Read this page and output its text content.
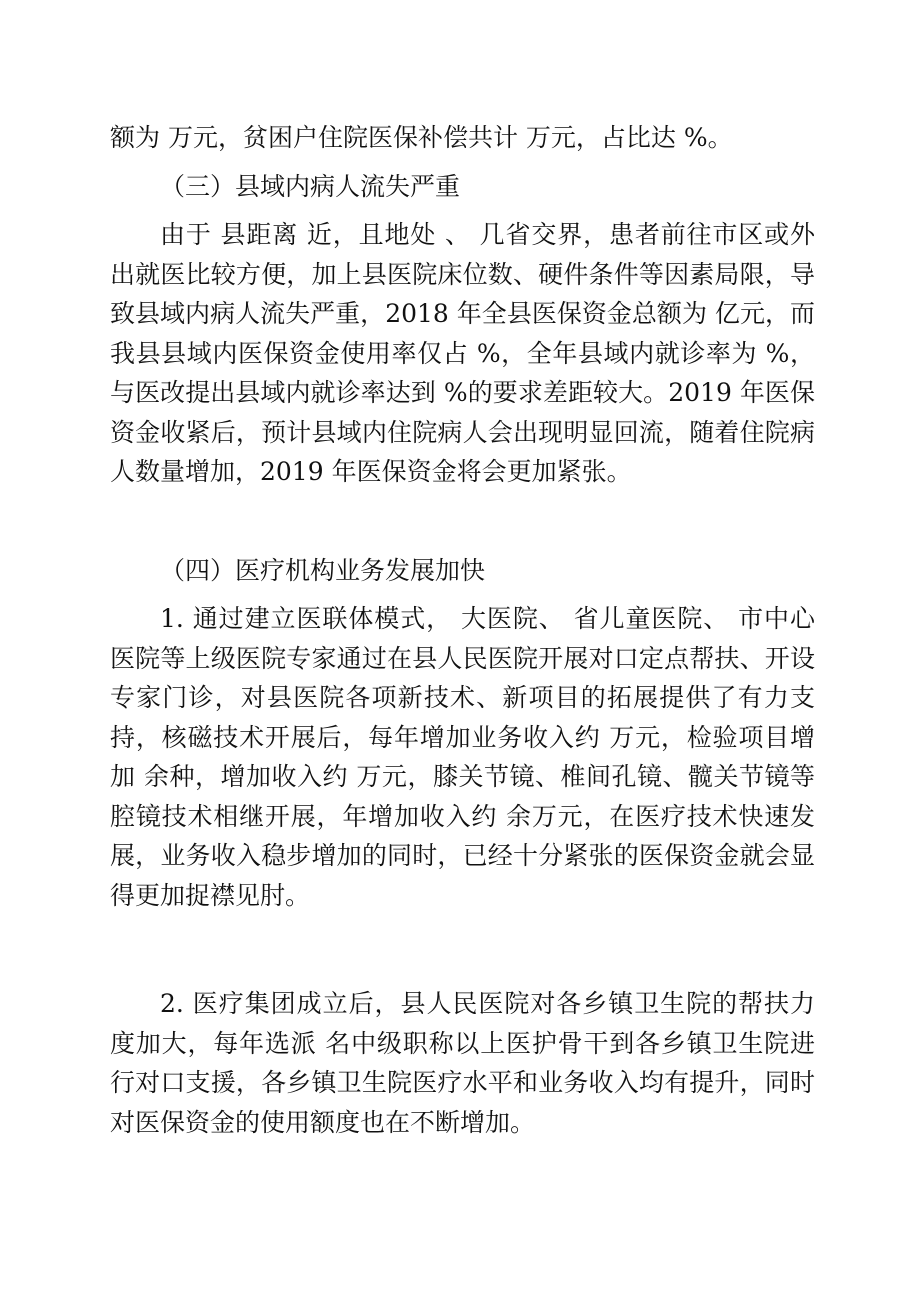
额为 万元，贫困户住院医保补偿共计 万元，占比达 %。

（三）县域内病人流失严重

由于 县距离 近，且地处 、 几省交界，患者前往市区或外出就医比较方便，加上县医院床位数、硬件条件等因素局限，导致县域内病人流失严重，2018 年全县医保资金总额为 亿元，而我县县域内医保资金使用率仅占 %，全年县域内就诊率为 %，与医改提出县域内就诊率达到 %的要求差距较大。2019 年医保资金收紧后，预计县域内住院病人会出现明显回流，随着住院病人数量增加，2019 年医保资金将会更加紧张。

（四）医疗机构业务发展加快

1. 通过建立医联体模式， 大医院、 省儿童医院、 市中心医院等上级医院专家通过在县人民医院开展对口定点帮扶、开设专家门诊，对县医院各项新技术、新项目的拓展提供了有力支持，核磁技术开展后，每年增加业务收入约 万元，检验项目增加 余种，增加收入约 万元，膝关节镜、椎间孔镜、髋关节镜等腔镜技术相继开展，年增加收入约 余万元，在医疗技术快速发展，业务收入稳步增加的同时，已经十分紧张的医保资金就会显得更加捉襟见肘。

2. 医疗集团成立后，县人民医院对各乡镇卫生院的帮扶力度加大，每年选派 名中级职称以上医护骨干到各乡镇卫生院进行对口支援，各乡镇卫生院医疗水平和业务收入均有提升，同时对医保资金的使用额度也在不断增加。
